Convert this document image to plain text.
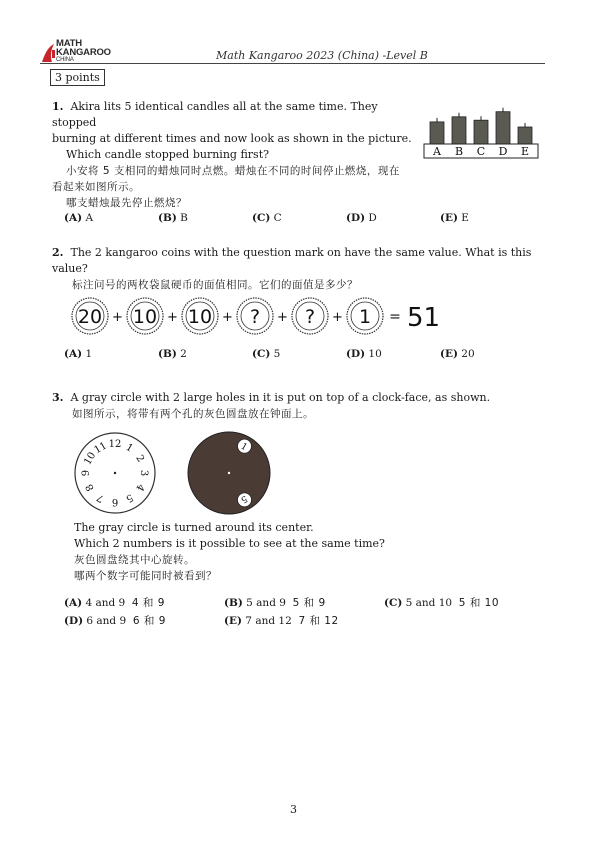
MATH
KANGAROO
CHINA	Math Kangaroo 2023 (China) -Level B
3 points
1. Akira lits 5 identical candles all at the same time. They stopped
burning at different times and now look as shown in the picture.
Which candle stopped burning first?
小安将 5 支相同的蜡烛同时点燃。蜡烛在不同的时间停止燃烧，现在
看起来如图所示。
哪支蜡烛最先停止燃烧？
A B C D E
(A) A	(B) B	(C) C	(D) D	(E) E
2. The 2 kangaroo coins with the question mark on have the same value. What is this value?
标注问号的两枚袋鼠硬币的面值相同。它们的面值是多少？
20 + 10 + 10 + ? + ? + 1 = 51
(A) 1	(B) 2	(C) 5	(D) 10	(E) 20
3. A gray circle with 2 large holes in it is put on top of a clock-face, as shown.
如图所示，将带有两个孔的灰色圆盘放在钟面上。
12 1
2
3
4
5
6
7
8
9
10
11	1
5
The gray circle is turned around its center.
Which 2 numbers is it possible to see at the same time?
灰色圆盘绕其中心旋转。
哪两个数字可能同时被看到？
(A) 4 and 9 4 和 9	(B) 5 and 9 5 和 9	(C) 5 and 10 5 和 10
(D) 6 and 9 6 和 9	(E) 7 and 12 7 和 12
3
